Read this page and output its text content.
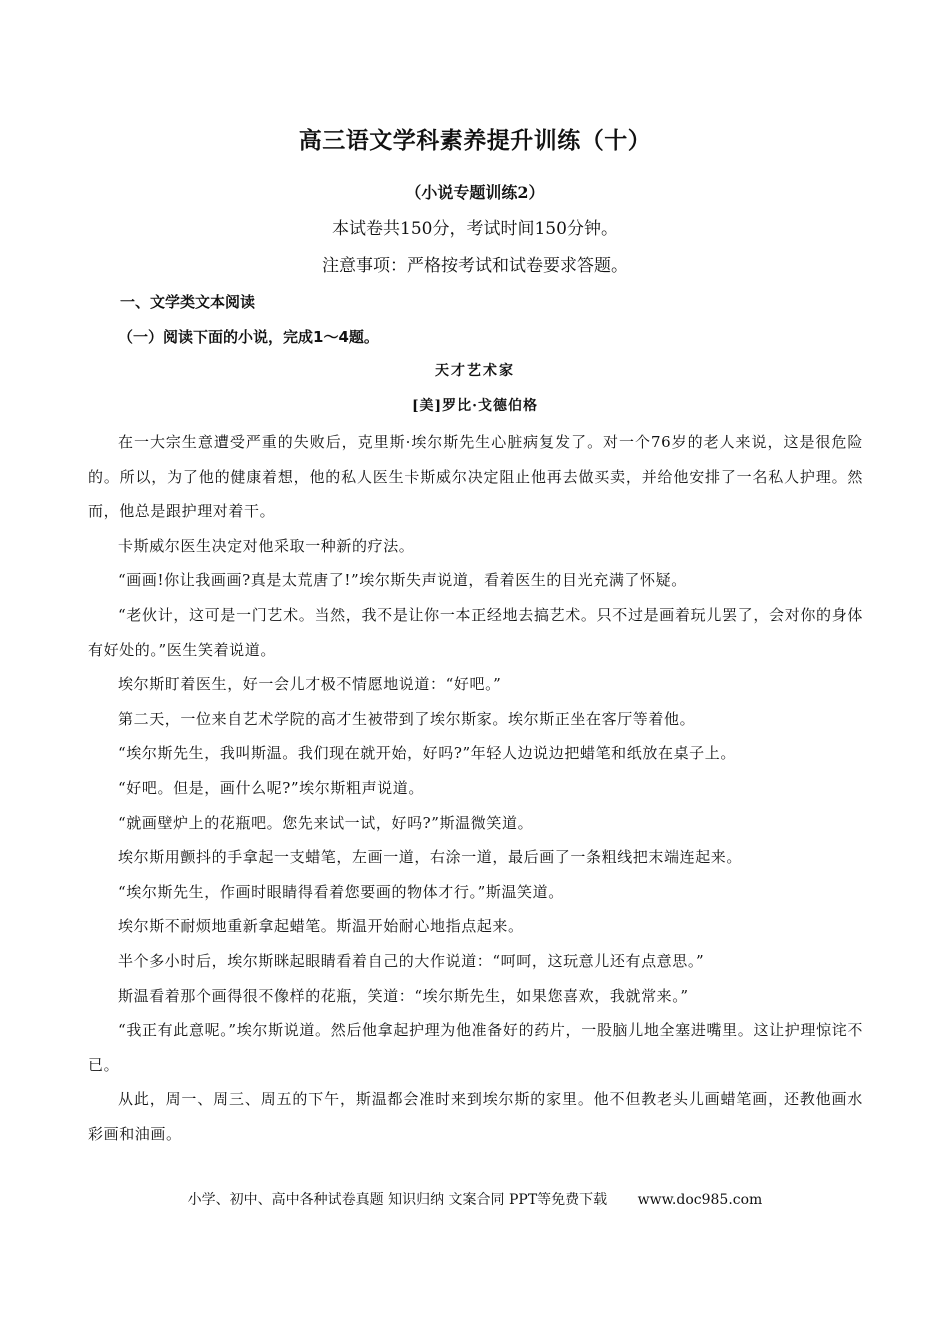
高三语文学科素养提升训练（十）
（小说专题训练2）
本试卷共150分，考试时间150分钟。
注意事项：严格按考试和试卷要求答题。
一、文学类文本阅读
（一）阅读下面的小说，完成1～4题。
天才艺术家
[美]罗比·戈德伯格

在一大宗生意遭受严重的失败后，克里斯·埃尔斯先生心脏病复发了。对一个76岁的老人来说，这是很危险的。所以，为了他的健康着想，他的私人医生卡斯威尔决定阻止他再去做买卖，并给他安排了一名私人护理。然而，他总是跟护理对着干。

卡斯威尔医生决定对他采取一种新的疗法。

“画画!你让我画画?真是太荒唐了!”埃尔斯失声说道，看着医生的目光充满了怀疑。

“老伙计，这可是一门艺术。当然，我不是让你一本正经地去搞艺术。只不过是画着玩儿罢了，会对你的身体有好处的。”医生笑着说道。

埃尔斯盯着医生，好一会儿才极不情愿地说道：“好吧。”

第二天，一位来自艺术学院的高才生被带到了埃尔斯家。埃尔斯正坐在客厅等着他。

“埃尔斯先生，我叫斯温。我们现在就开始，好吗?”年轻人边说边把蜡笔和纸放在桌子上。

“好吧。但是，画什么呢?”埃尔斯粗声说道。

“就画壁炉上的花瓶吧。您先来试一试，好吗?”斯温微笑道。

埃尔斯用颤抖的手拿起一支蜡笔，左画一道，右涂一道，最后画了一条粗线把末端连起来。

“埃尔斯先生，作画时眼睛得看着您要画的物体才行。”斯温笑道。

埃尔斯不耐烦地重新拿起蜡笔。斯温开始耐心地指点起来。

半个多小时后，埃尔斯眯起眼睛看着自己的大作说道：“呵呵，这玩意儿还有点意思。”

斯温看着那个画得很不像样的花瓶，笑道：“埃尔斯先生，如果您喜欢，我就常来。”

“我正有此意呢。”埃尔斯说道。然后他拿起护理为他准备好的药片，一股脑儿地全塞进嘴里。这让护理惊诧不已。

从此，周一、周三、周五的下午，斯温都会准时来到埃尔斯的家里。他不但教老头儿画蜡笔画，还教他画水彩画和油画。

小学、初中、高中各种试卷真题 知识归纳 文案合同 PPT等免费下载 www.doc985.com
